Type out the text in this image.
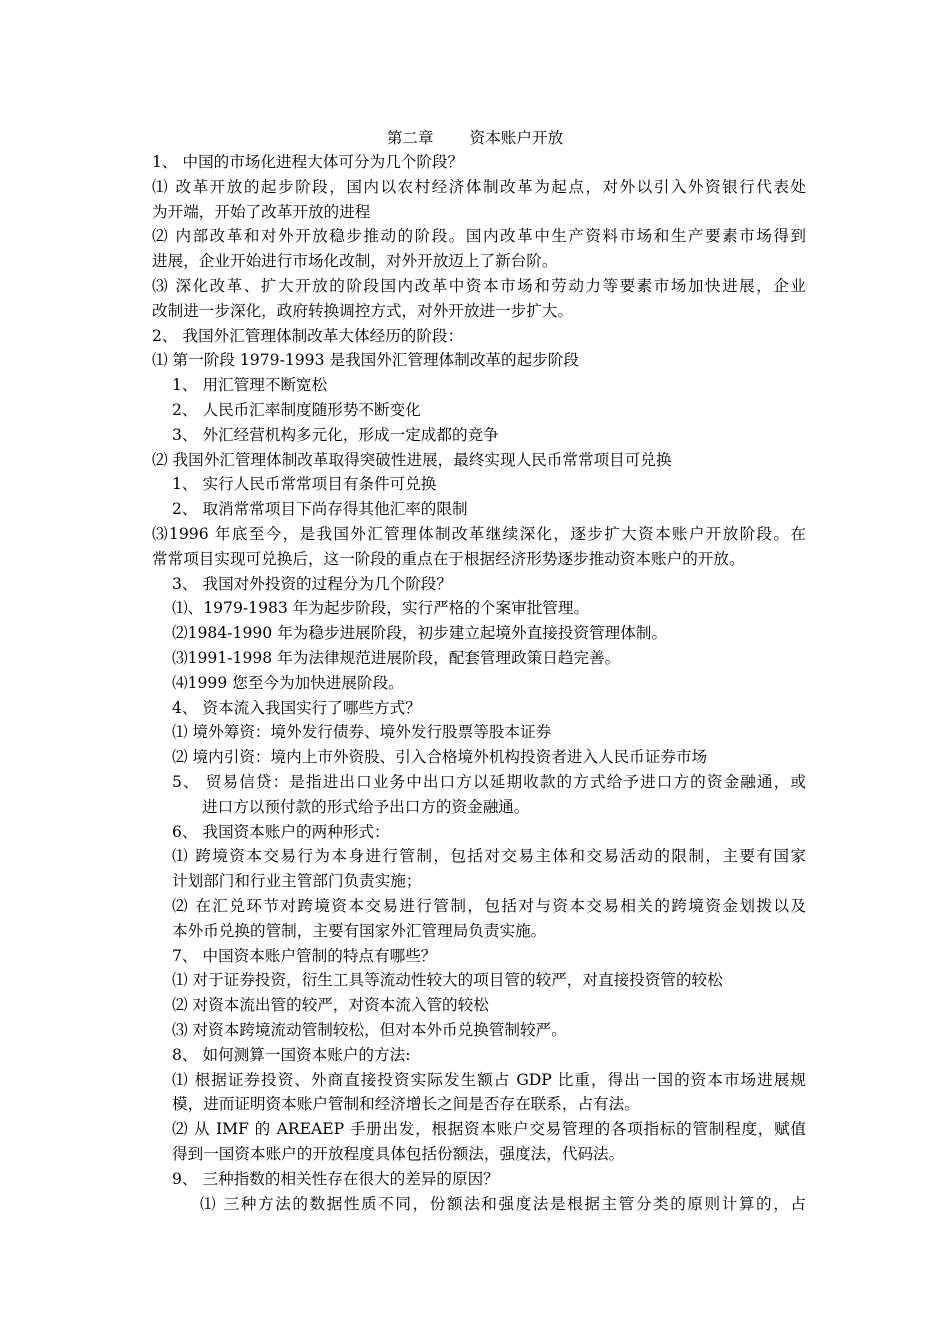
第二章 资本账户开放
1、 中国的市场化进程大体可分为几个阶段？
⑴ 改革开放的起步阶段，国内以农村经济体制改革为起点，对外以引入外资银行代表处
为开端，开始了改革开放的进程
⑵ 内部改革和对外开放稳步推动的阶段。国内改革中生产资料市场和生产要素市场得到
进展，企业开始进行市场化改制，对外开放迈上了新台阶。
⑶ 深化改革、扩大开放的阶段国内改革中资本市场和劳动力等要素市场加快进展，企业
改制进一步深化，政府转换调控方式，对外开放进一步扩大。
2、 我国外汇管理体制改革大体经历的阶段：
⑴ 第一阶段 1979-1993 是我国外汇管理体制改革的起步阶段
1、 用汇管理不断宽松
2、 人民币汇率制度随形势不断变化
3、 外汇经营机构多元化，形成一定成都的竞争
⑵ 我国外汇管理体制改革取得突破性进展，最终实现人民币常常项目可兑换
1、 实行人民币常常项目有条件可兑换
2、 取消常常项目下尚存得其他汇率的限制
⑶1996 年底至今，是我国外汇管理体制改革继续深化，逐步扩大资本账户开放阶段。在
常常项目实现可兑换后，这一阶段的重点在于根据经济形势逐步推动资本账户的开放。
3、 我国对外投资的过程分为几个阶段？
⑴、1979-1983 年为起步阶段，实行严格的个案审批管理。
⑵1984-1990 年为稳步进展阶段，初步建立起境外直接投资管理体制。
⑶1991-1998 年为法律规范进展阶段，配套管理政策日趋完善。
⑷1999 您至今为加快进展阶段。
4、 资本流入我国实行了哪些方式？
⑴ 境外筹资：境外发行债券、境外发行股票等股本证券
⑵ 境内引资：境内上市外资股、引入合格境外机构投资者进入人民币证券市场
5、 贸易信贷：是指进出口业务中出口方以延期收款的方式给予进口方的资金融通，或
进口方以预付款的形式给予出口方的资金融通。
6、 我国资本账户的两种形式：
⑴ 跨境资本交易行为本身进行管制，包括对交易主体和交易活动的限制，主要有国家
计划部门和行业主管部门负责实施；
⑵ 在汇兑环节对跨境资本交易进行管制，包括对与资本交易相关的跨境资金划拨以及
本外币兑换的管制，主要有国家外汇管理局负责实施。
7、 中国资本账户管制的特点有哪些？
⑴ 对于证券投资，衍生工具等流动性较大的项目管的较严，对直接投资管的较松
⑵ 对资本流出管的较严，对资本流入管的较松
⑶ 对资本跨境流动管制较松，但对本外币兑换管制较严。
8、 如何测算一国资本账户的方法:
⑴ 根据证券投资、外商直接投资实际发生额占 GDP 比重，得出一国的资本市场进展规
模，进而证明资本账户管制和经济增长之间是否存在联系，占有法。
⑵ 从 IMF 的 AREAEP 手册出发，根据资本账户交易管理的各项指标的管制程度，赋值
得到一国资本账户的开放程度具体包括份额法，强度法，代码法。
9、 三种指数的相关性存在很大的差异的原因？
⑴ 三种方法的数据性质不同，份额法和强度法是根据主管分类的原则计算的，占
